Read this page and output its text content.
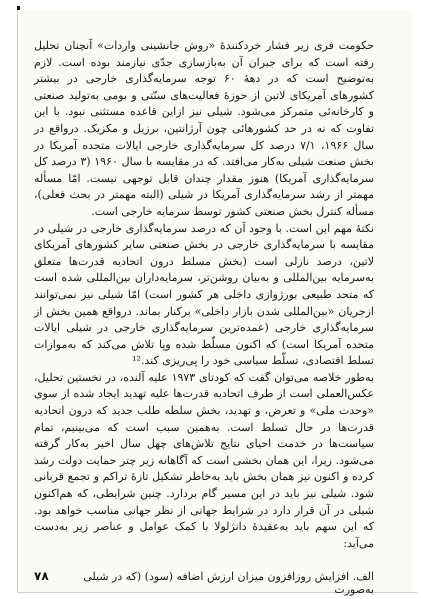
حکومت فری زیر فشار خردکنندهٔ «روش جانشینی واردات» آنچنان تحلیل رفته است که برای جبران آن به‌بازسازی جدّی نیازمند بوده است. لازم به‌توضیح است که در دههٔ ۶۰ توجه سرمایه‌گذاری خارجی در بیشتر کشورهای آمریکای لاتین از حوزهٔ فعالیت‌های سنّتی و بومی به‌تولید صنعتی و کارخانه‌ئی متمرکز می‌شود. شیلی نیز ازاین قاعده مستثنی نبود. با این تفاوت که نه در حد کشورهائی چون آرژانتین، برزیل و مکزیک. درواقع در سال ۱۹۶۶، ۷/۱ درصد کل سرمایه‌گذاری خارجی ایالات متحده آمریکا در بخش صنعت شیلی به‌کار می‌افتد. که در مقایسه با سال ۱۹۶۰ (۳ درصد کل سرمایه‌گذاری آمریکا) هنوز مقدار چندان قابل توجهی نیست. امّا مسأله مهمتر از رشد سرمایه‌گذاری آمریکا در شیلی (البته مهمتر در بحث فعلی)، مسأله کنترل بخش صنعتی کشور توسط سرمایه خارجی است.

نکتهٔ مهم این است. با وجود آن که درصد سرمایه‌گذاری خارجی در شیلی در مقایسه با سرمایه‌گذاری خارجی در بخش صنعتی سایر کشورهای آمریکای لاتین، درصد نازلی است (بخش مسلط درون اتحادیه قدرت‌ها متعلق به‌سرمایه بین‌المللی و به‌بیان روشن‌تر، سرمایه‌داران بین‌المللی شده است که متحد طبیعی بورژوازی داخلی هر کشور است) امّا شیلی نیز نمی‌توانند ازجریان «بین‌المللی شدن بازار داخلی» برکنار بماند. درواقع همین بخش از سرمایه‌گذاری خارجی (عمده‌ترین سرمایه‌گذاری خارجی در شیلی ایالات متحده آمریکا است) که اکنون مسلّط شده وپا تلاش می‌کند که به‌موازات تسلط اقتصادی، تسلّط سیاسی خود را پی‌ریزی کند.¹²

به‌طور خلاصه می‌توان گفت که کودتای ۱۹۷۳ علیه آلنده، در نخستین تحلیل، عکس‌العملی است از طرف اتحادیه قدرت‌ها علیه تهدید ایجاد شده از سوی «وحدت ملی» و تعرض، و تهدید، بخش سلطه طلب جدید که درون اتحادیه قدرت‌ها در حال تسلط است. به‌همین سبب است که می‌بینیم، تمام سیاست‌ها در خدمت احیای نتایج تلاش‌های چهل سال اخیر به‌کار گرفته می‌شود. زیرا، این همان بخشی است که آگاهانه زیر چتر حمایت دولت رشد کرده و اکنون نیز همان بخش باید به‌خاطر تشکیل تازهٔ تراکم و تجمع قربانی شود. شیلی نیز باید در این مسیر گام بردارد. چنین شرایطی، که هم‌اکنون شیلی در آن قرار دارد در شرایط جهانی از نظر جهانی مناسب خواهد بود. که این سهم باید به‌عقیدهٔ دانژلولا با کمک عوامل و عناصر زیر به‌دست می‌آید:

۷۸	الف. افزایش روزافزون میزان ارزش اضافه (سود) (که در شیلی به‌صورت
